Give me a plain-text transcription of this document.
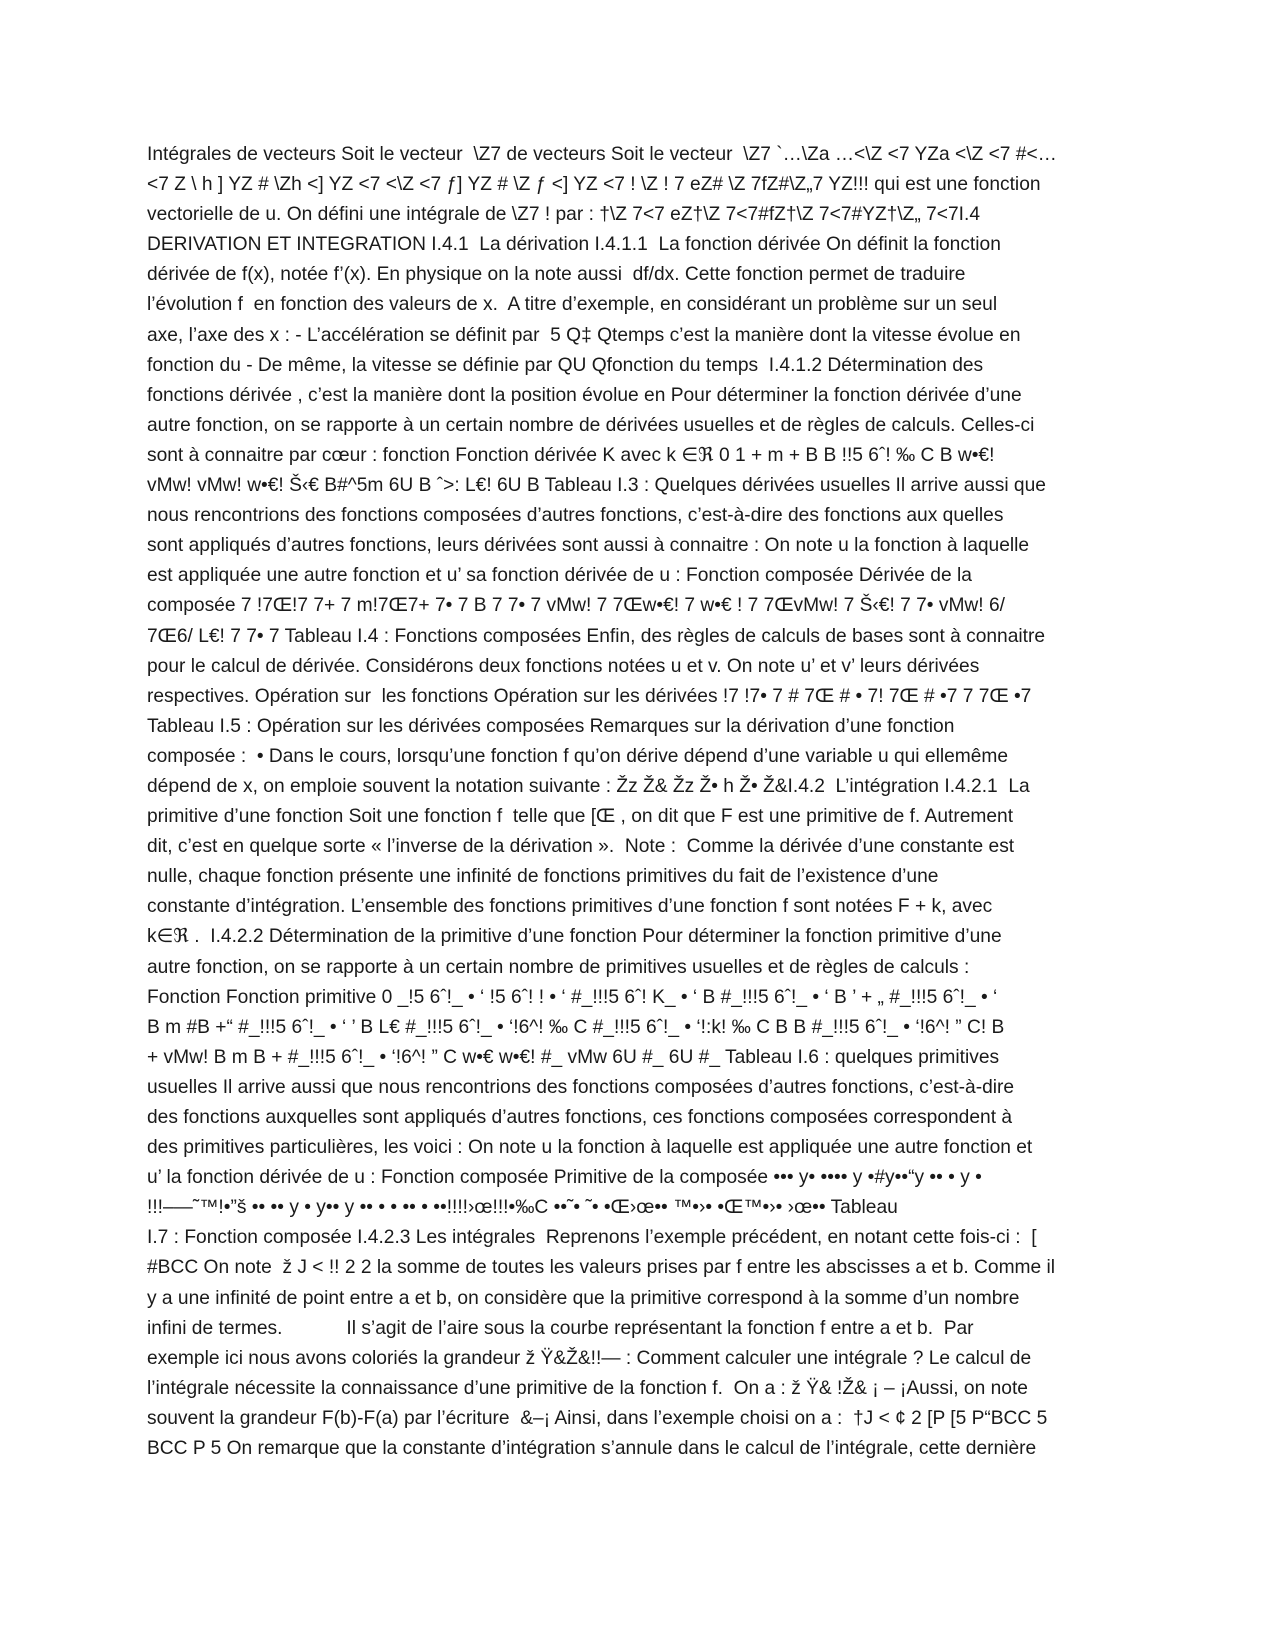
Intégrales de vecteurs Soit le vecteur  \Z7 de vecteurs Soit le vecteur  \Z7 `…\Za …<\Z <7 YZa <\Z <7 #<…
<7 Z \ h ] YZ # \Zh <] YZ <7 <\Z <7 ƒ] YZ # \Z ƒ <] YZ <7 ! \Z ! 7 eZ# \Z 7fZ#\Z„7 YZ!!! qui est une fonction
vectorielle de u. On défini une intégrale de \Z7 ! par : †\Z 7<7 eZ†\Z 7<7#fZ†\Z 7<7#YZ†\Z„ 7<7I.4
DERIVATION ET INTEGRATION I.4.1  La dérivation I.4.1.1  La fonction dérivée On définit la fonction
dérivée de f(x), notée f’(x). En physique on la note aussi  df/dx. Cette fonction permet de traduire
l’évolution f  en fonction des valeurs de x.  A titre d’exemple, en considérant un problème sur un seul
axe, l’axe des x : - L’accélération se définit par  5 Q‡ Qtemps c’est la manière dont la vitesse évolue en
fonction du - De même, la vitesse se définie par QU Qfonction du temps  I.4.1.2 Détermination des
fonctions dérivée , c’est la manière dont la position évolue en Pour déterminer la fonction dérivée d’une
autre fonction, on se rapporte à un certain nombre de dérivées usuelles et de règles de calculs. Celles-ci
sont à connaitre par cœur : fonction Fonction dérivée K avec k ∈ℜ 0 1 + m + B B !!5 6ˆ! ‰ C B w•€!
vMw! vMw! w•€! Š‹€ B#^5m 6U B ˆ>: L€! 6U B Tableau I.3 : Quelques dérivées usuelles Il arrive aussi que
nous rencontrions des fonctions composées d’autres fonctions, c’est-à-dire des fonctions aux quelles
sont appliqués d’autres fonctions, leurs dérivées sont aussi à connaitre : On note u la fonction à laquelle
est appliquée une autre fonction et u’ sa fonction dérivée de u : Fonction composée Dérivée de la
composée 7 !7Œ!7 7+ 7 m!7Œ7+ 7• 7 B 7 7• 7 vMw! 7 7Œw•€! 7 w•€ ! 7 7ŒvMw! 7 Š‹€! 7 7• vMw! 6/
7Œ6/ L€! 7 7• 7 Tableau I.4 : Fonctions composées Enfin, des règles de calculs de bases sont à connaitre
pour le calcul de dérivée. Considérons deux fonctions notées u et v. On note u’ et v’ leurs dérivées
respectives. Opération sur  les fonctions Opération sur les dérivées !7 !7• 7 # 7Œ # • 7! 7Œ # •7 7 7Œ •7
Tableau I.5 : Opération sur les dérivées composées Remarques sur la dérivation d’une fonction
composée :  • Dans le cours, lorsqu’une fonction f qu’on dérive dépend d’une variable u qui ellemême
dépend de x, on emploie souvent la notation suivante : Žz Ž& Žz Ž• h Ž• Ž&I.4.2  L’intégration I.4.2.1  La
primitive d’une fonction Soit une fonction f  telle que [Œ , on dit que F est une primitive de f. Autrement
dit, c’est en quelque sorte « l’inverse de la dérivation ».  Note :  Comme la dérivée d’une constante est
nulle, chaque fonction présente une infinité de fonctions primitives du fait de l’existence d’une
constante d’intégration. L’ensemble des fonctions primitives d’une fonction f sont notées F + k, avec
k∈ℜ .  I.4.2.2 Détermination de la primitive d’une fonction Pour déterminer la fonction primitive d’une
autre fonction, on se rapporte à un certain nombre de primitives usuelles et de règles de calculs :
Fonction Fonction primitive 0 _!5 6ˆ!_ • ‘ !5 6ˆ! ! • ‘ #_!!!5 6ˆ! K_ • ‘ B #_!!!5 6ˆ!_ • ‘ B ’ + „ #_!!!5 6ˆ!_ • ‘
B m #B +“ #_!!!5 6ˆ!_ • ‘ ’ B L€ #_!!!5 6ˆ!_ • ‘!6^! ‰ C #_!!!5 6ˆ!_ • ‘!:k! ‰ C B B #_!!!5 6ˆ!_ • ‘!6^! ” C! B
+ vMw! B m B + #_!!!5 6ˆ!_ • ‘!6^! ” C w•€ w•€! #_ vMw 6U #_ 6U #_ Tableau I.6 : quelques primitives
usuelles Il arrive aussi que nous rencontrions des fonctions composées d’autres fonctions, c’est-à-dire
des fonctions auxquelles sont appliqués d’autres fonctions, ces fonctions composées correspondent à
des primitives particulières, les voici : On note u la fonction à laquelle est appliquée une autre fonction et
u’ la fonction dérivée de u : Fonction composée Primitive de la composée ••• y• •••• y •#y••“y •• • y •
!!!–—˜™!•”š •• •• y • y•• y •• • • •• • ••!!!!›œ!!!•‰C ••˜• ˜• •Œ›œ•• ™•›• •Œ™•›• ›œ•• Tableau
I.7 : Fonction composée I.4.2.3 Les intégrales  Reprenons l’exemple précédent, en notant cette fois-ci :  [
#BCC On note  ž J < !! 2 2 la somme de toutes les valeurs prises par f entre les abscisses a et b. Comme il
y a une infinité de point entre a et b, on considère que la primitive correspond à la somme d’un nombre
infini de termes.            Il s’agit de l’aire sous la courbe représentant la fonction f entre a et b.  Par
exemple ici nous avons coloriés la grandeur ž Ÿ&Ž&!!— : Comment calculer une intégrale ? Le calcul de
l’intégrale nécessite la connaissance d’une primitive de la fonction f.  On a : ž Ÿ& !Ž& ¡ – ¡Aussi, on note
souvent la grandeur F(b)-F(a) par l’écriture  &–¡ Ainsi, dans l’exemple choisi on a :  †J < ¢ 2 [P [5 P“BCC 5
BCC P 5 On remarque que la constante d’intégration s’annule dans le calcul de l’intégrale, cette dernière
